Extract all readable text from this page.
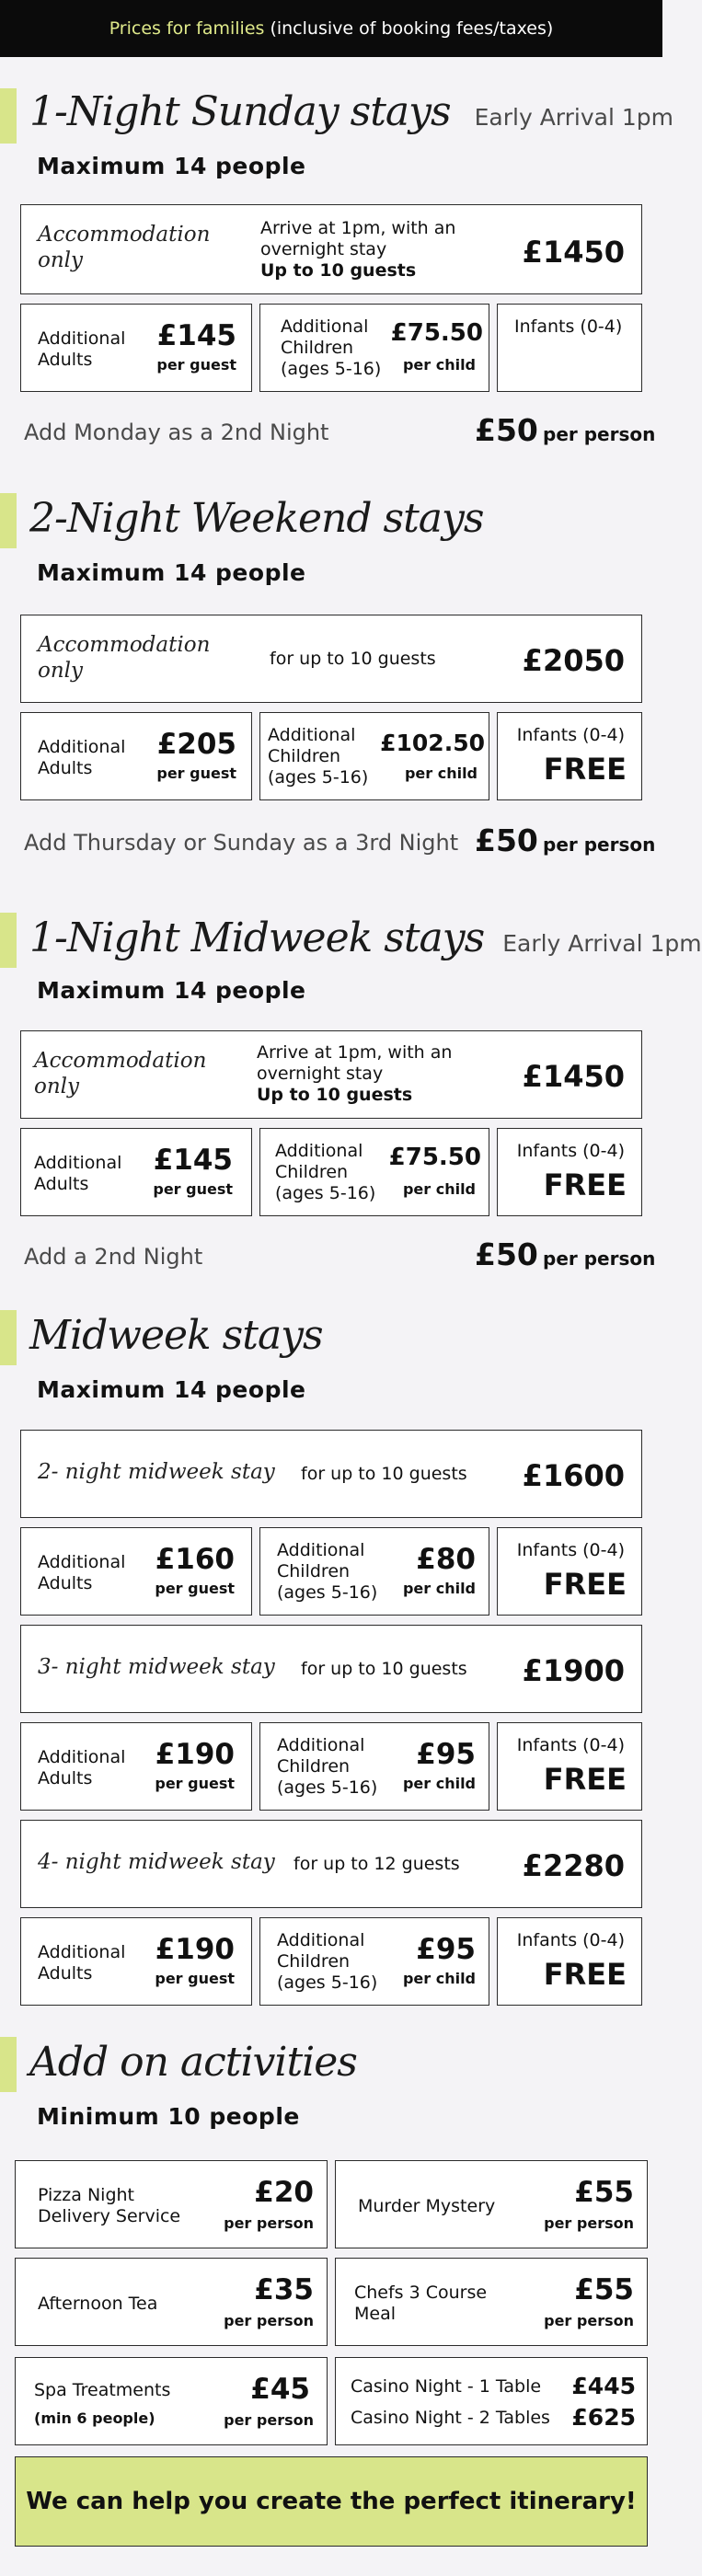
Prices for families (inclusive of booking fees/taxes)
1-Night Sunday stays Early Arrival 1pm
Maximum 14 people
Accommodation only
Arrive at 1pm, with an overnight stay
Up to 10 guests
£1450
Additional Adults
£145
per guest
Additional Children (ages 5-16)
£75.50
per child
Infants (0-4)
Add Monday as a 2nd Night	£50 per person
2-Night Weekend stays
Maximum 14 people
Accommodation only	for up to 10 guests	£2050
Additional Adults
£205
per guest
Additional Children (ages 5-16)
£102.50
per child
Infants (0-4)
FREE
Add Thursday or Sunday as a 3rd Night £50 per person
1-Night Midweek stays Early Arrival 1pm
Maximum 14 people
Accommodation only
Arrive at 1pm, with an overnight stay
Up to 10 guests
£1450
Additional Adults
£145
per guest
Additional Children (ages 5-16)
£75.50
per child
Infants (0-4)
FREE
Add a 2nd Night	£50 per person
Midweek stays
Maximum 14 people
2- night midweek stay for up to 10 guests £1600
Additional Adults
£160
per guest
Additional Children (ages 5-16)
£80
per child
Infants (0-4)
FREE
3- night midweek stay for up to 10 guests £1900
Additional Adults
£190
per guest
Additional Children (ages 5-16)
£95
per child
Infants (0-4)
FREE
4- night midweek stay for up to 12 guests £2280
Additional Adults
£190
per guest
Additional Children (ages 5-16)
£95
per child
Infants (0-4)
FREE
Add on activities
Minimum 10 people
Pizza Night Delivery Service
£20
per person
Murder Mystery	£55
per person
Afternoon Tea	£35
per person
Chefs 3 Course Meal
£55
per person
Spa Treatments
(min 6 people)
£45
per person
Casino Night - 1 Table £445
Casino Night - 2 Tables £625
We can help you create the perfect itinerary!
